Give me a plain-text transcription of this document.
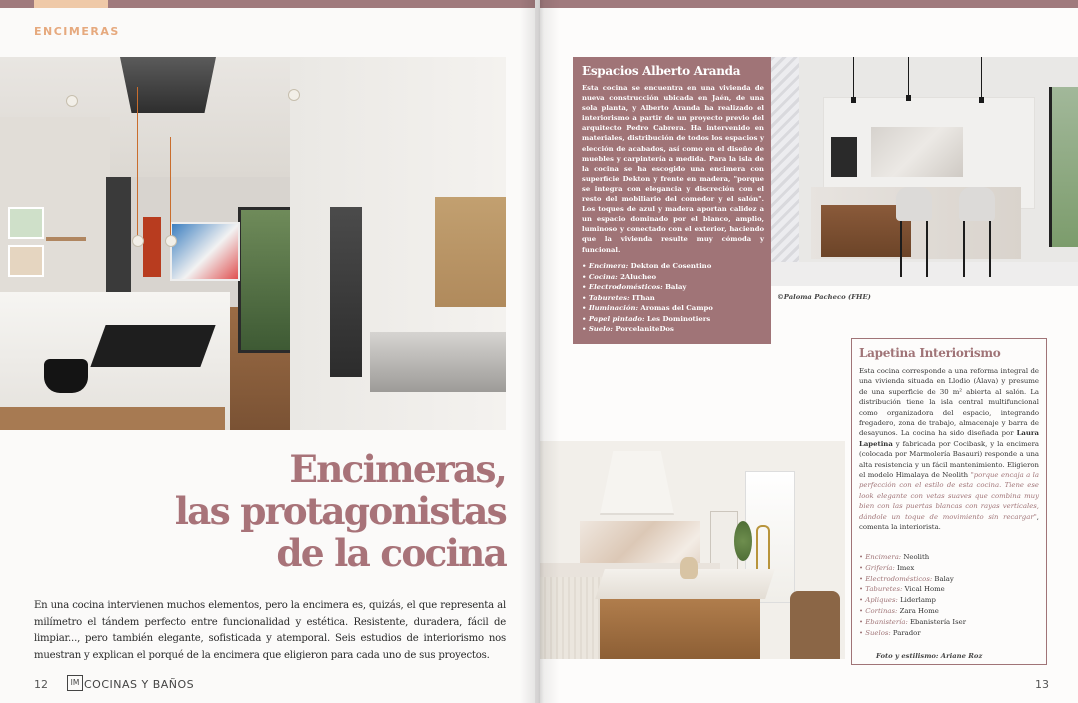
ENCIMERAS
Encimeras,
las protagonistas
de la cocina
En una cocina intervienen muchos elementos, pero la encimera es, quizás, el que representa al milímetro el tándem perfecto entre funcionalidad y estética. Resistente, duradera, fácil de limpiar..., pero también elegante, sofisticada y atemporal. Seis estudios de interiorismo nos muestran y explican el porqué de la encimera que eligieron para cada uno de sus proyectos.
12	IM COCINAS Y BAÑOS
Espacios Alberto Aranda
Esta cocina se encuentra en una vivienda de nueva construcción ubicada en Jaén, de una sola planta, y Alberto Aranda ha realizado el interiorismo a partir de un proyecto previo del arquitecto Pedro Cabrera. Ha intervenido en materiales, distribución de todos los espacios y elección de acabados, así como en el diseño de muebles y carpintería a medida. Para la isla de la cocina se ha escogido una encimera con superficie Dekton y frente en madera, "porque se integra con elegancia y discreción con el resto del mobiliario del comedor y el salón". Los toques de azul y madera aportan calidez a un espacio dominado por el blanco, amplio, luminoso y conectado con el exterior, haciendo que la vivienda resulte muy cómoda y funcional.
• Encimera: Dekton de Cosentino
• Cocina: 2Alucheo
• Electrodomésticos: Balay
• Taburetes: IThan
• Iluminación: Aromas del Campo
• Papel pintado: Les Dominotiers
• Suelo: PorcelaniteDos
©Paloma Pacheco (FHE)
Lapetina Interiorismo
Esta cocina corresponde a una reforma integral de una vivienda situada en Llodio (Álava) y presume de una superficie de 30 m² abierta al salón. La distribución tiene la isla central multifuncional como organizadora del espacio, integrando fregadero, zona de trabajo, almacenaje y barra de desayunos. La cocina ha sido diseñada por Laura Lapetina y fabricada por Cocibask, y la encimera (colocada por Marmolería Basauri) responde a una alta resistencia y un fácil mantenimiento. Eligieron el modelo Himalaya de Neolith "porque encaja a la perfección con el estilo de esta cocina. Tiene ese look elegante con vetas suaves que combina muy bien con las puertas blancas con rayas verticales, dándole un toque de movimiento sin recargar", comenta la interiorista.
• Encimera: Neolith
• Grifería: Imex
• Electrodomésticos: Balay
• Taburetes: Vical Home
• Apliques: Liderlamp
• Cortinas: Zara Home
• Ebanistería: Ebanistería Iser
• Suelos: Parador
Foto y estilismo: Ariane Roz
13
